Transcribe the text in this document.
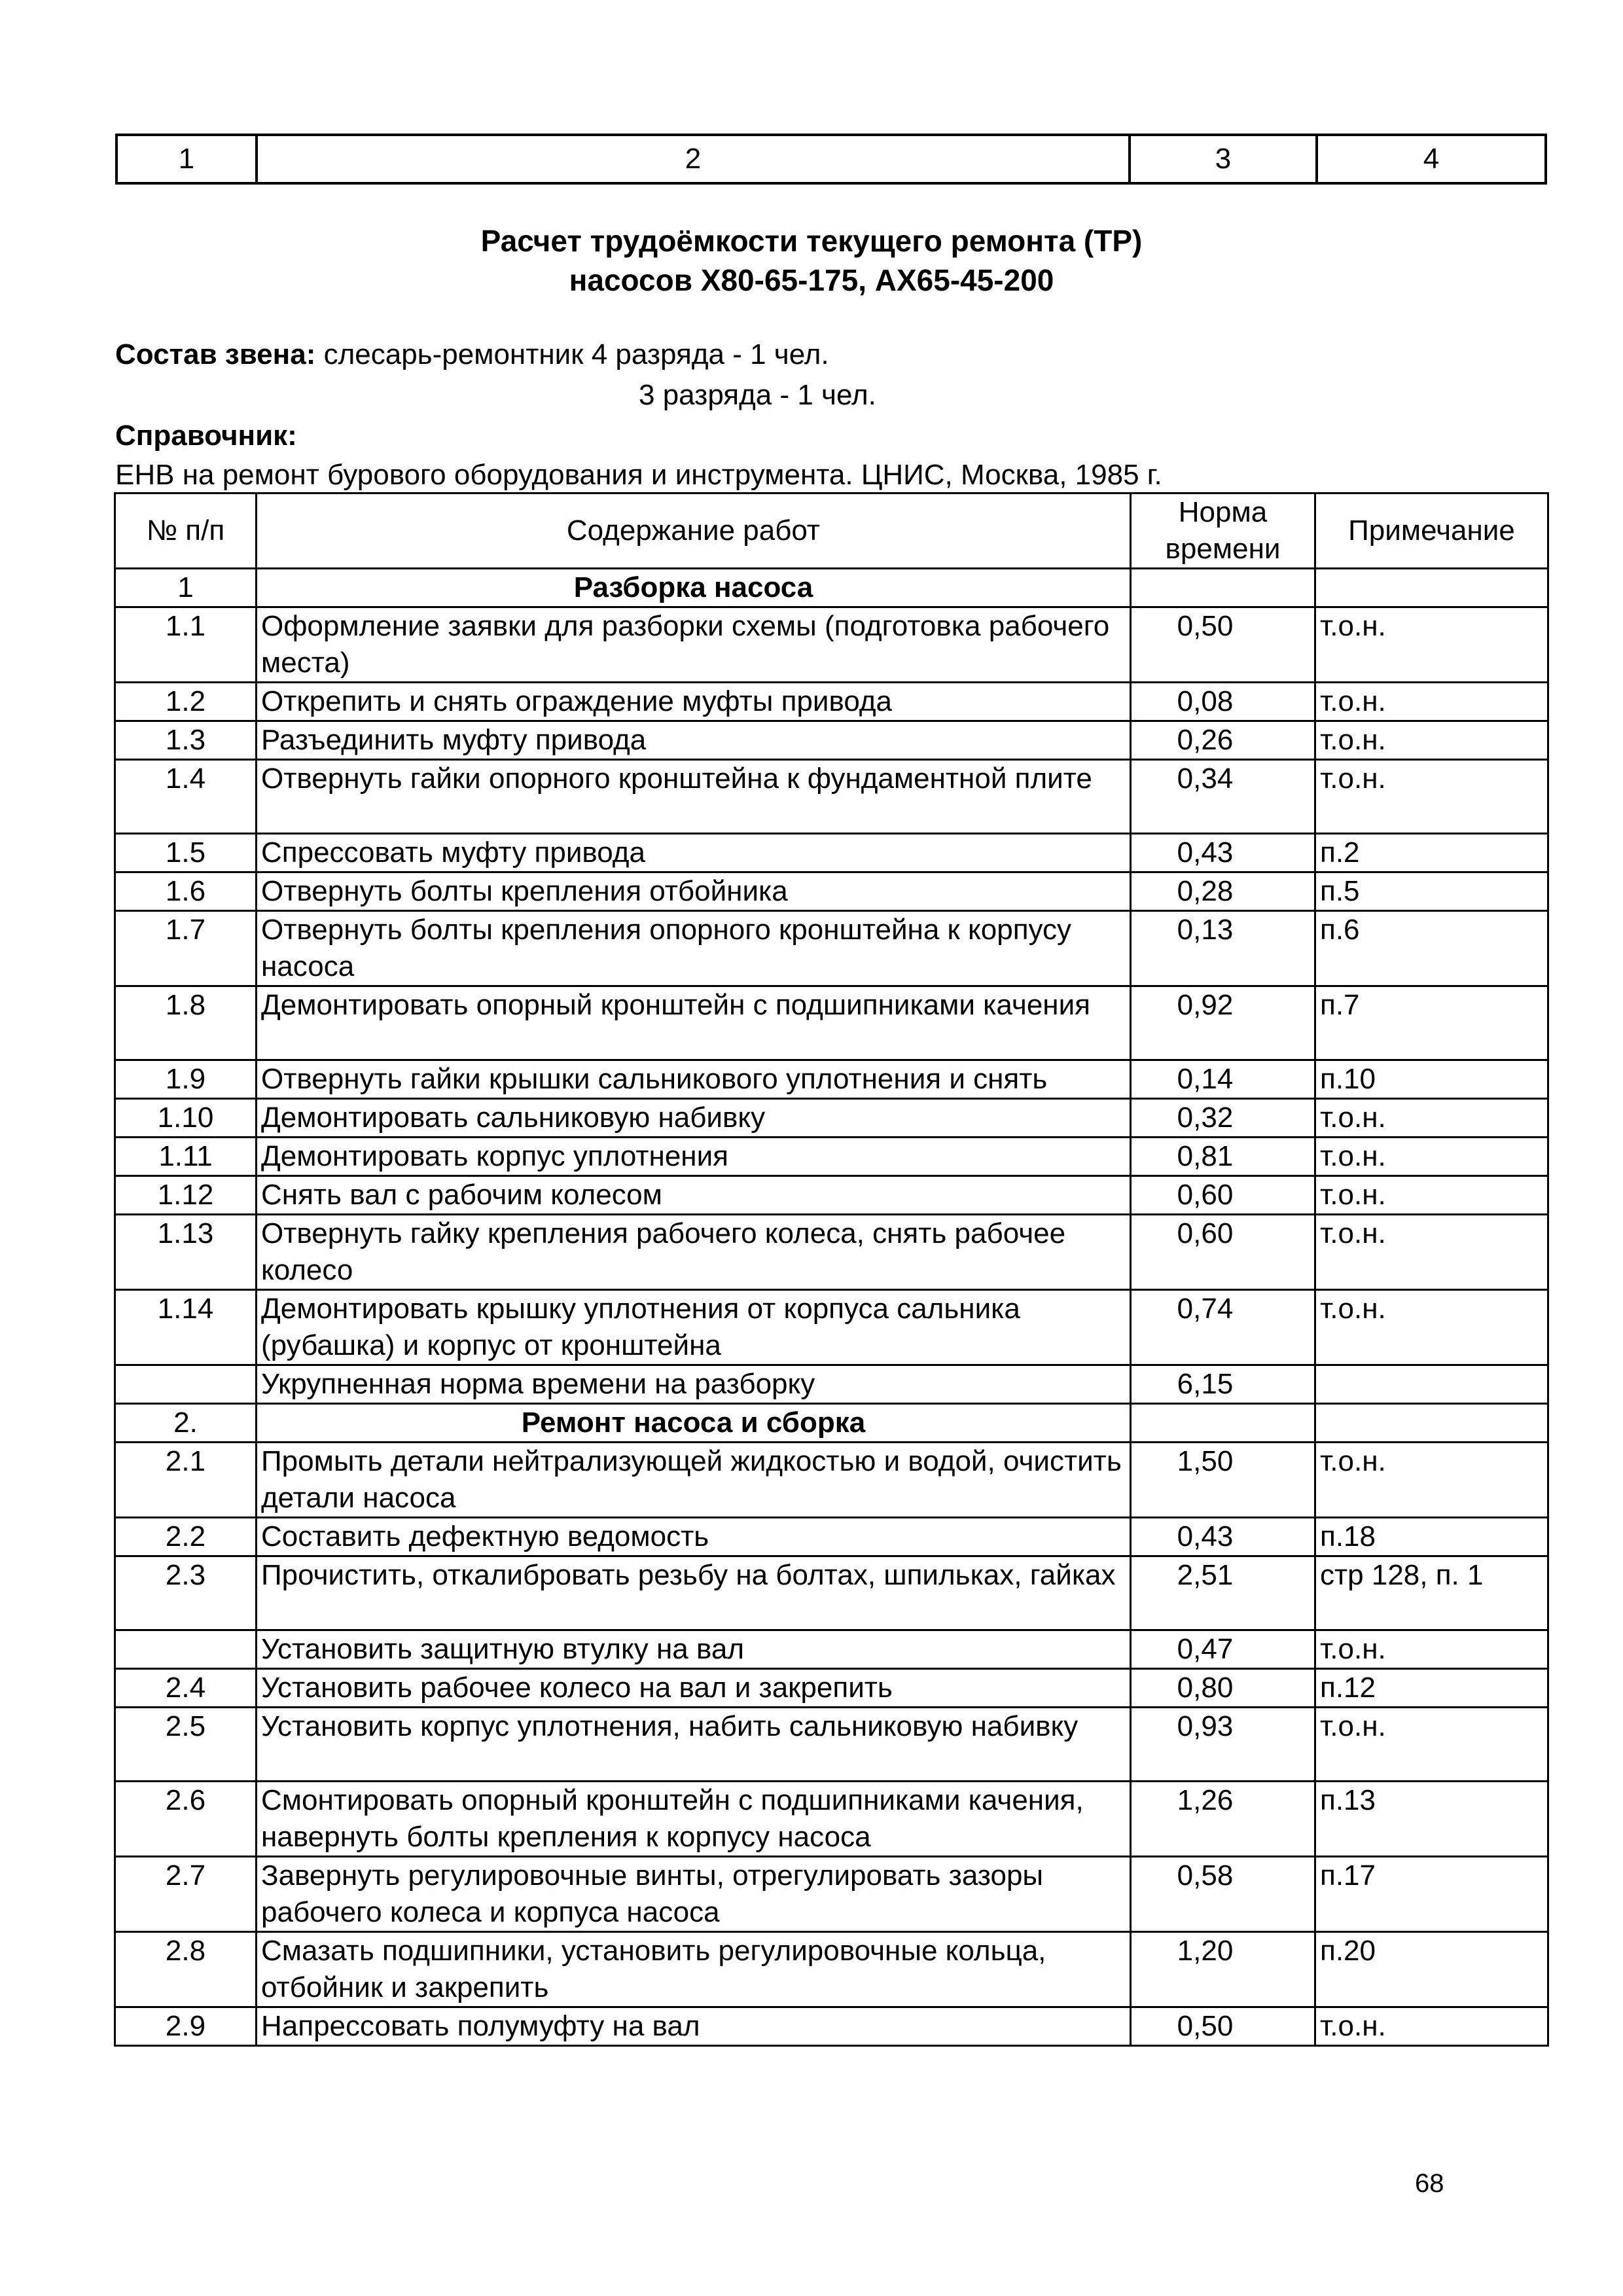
1	2	3	4
Расчет трудоёмкости текущего ремонта (ТР)
насосов Х80-65-175, АХ65-45-200
Состав звена: слесарь-ремонтник 4 разряда - 1 чел.
3 разряда - 1 чел.
Справочник:
ЕНВ на ремонт бурового оборудования и инструмента. ЦНИС, Москва, 1985 г.
№ п/п	Содержание работ	Норма времени	Примечание
1	Разборка насоса		
1.1	Оформление заявки для разборки схемы (подготовка рабочего места)	0,50	т.о.н.
1.2	Открепить и снять ограждение муфты привода	0,08	т.о.н.
1.3	Разъединить муфту привода	0,26	т.о.н.
1.4	Отвернуть гайки опорного кронштейна к фундаментной плите	0,34	т.о.н.
1.5	Спрессовать муфту привода	0,43	п.2
1.6	Отвернуть болты крепления отбойника	0,28	п.5
1.7	Отвернуть болты крепления опорного кронштейна к корпусу насоса	0,13	п.6
1.8	Демонтировать опорный кронштейн с подшипниками качения	0,92	п.7
1.9	Отвернуть гайки крышки сальникового уплотнения и снять	0,14	п.10
1.10	Демонтировать сальниковую набивку	0,32	т.о.н.
1.11	Демонтировать корпус уплотнения	0,81	т.о.н.
1.12	Снять вал с рабочим колесом	0,60	т.о.н.
1.13	Отвернуть гайку крепления рабочего колеса, снять рабочее колесо	0,60	т.о.н.
1.14	Демонтировать крышку уплотнения от корпуса сальника (рубашка) и корпус от кронштейна	0,74	т.о.н.
	Укрупненная норма времени на разборку	6,15	
2.	Ремонт насоса и сборка		
2.1	Промыть детали нейтрализующей жидкостью и водой, очистить детали насоса	1,50	т.о.н.
2.2	Составить дефектную ведомость	0,43	п.18
2.3	Прочистить, откалибровать резьбу на болтах, шпильках, гайках	2,51	стр 128, п. 1
	Установить защитную втулку на вал	0,47	т.о.н.
2.4	Установить рабочее колесо на вал и закрепить	0,80	п.12
2.5	Установить корпус уплотнения, набить сальниковую набивку	0,93	т.о.н.
2.6	Смонтировать опорный кронштейн с подшипниками качения, навернуть болты крепления к корпусу насоса	1,26	п.13
2.7	Завернуть регулировочные винты, отрегулировать зазоры рабочего колеса и корпуса насоса	0,58	п.17
2.8	Смазать подшипники, установить регулировочные кольца, отбойник и закрепить	1,20	п.20
2.9	Напрессовать полумуфту на вал	0,50	т.о.н.
68
